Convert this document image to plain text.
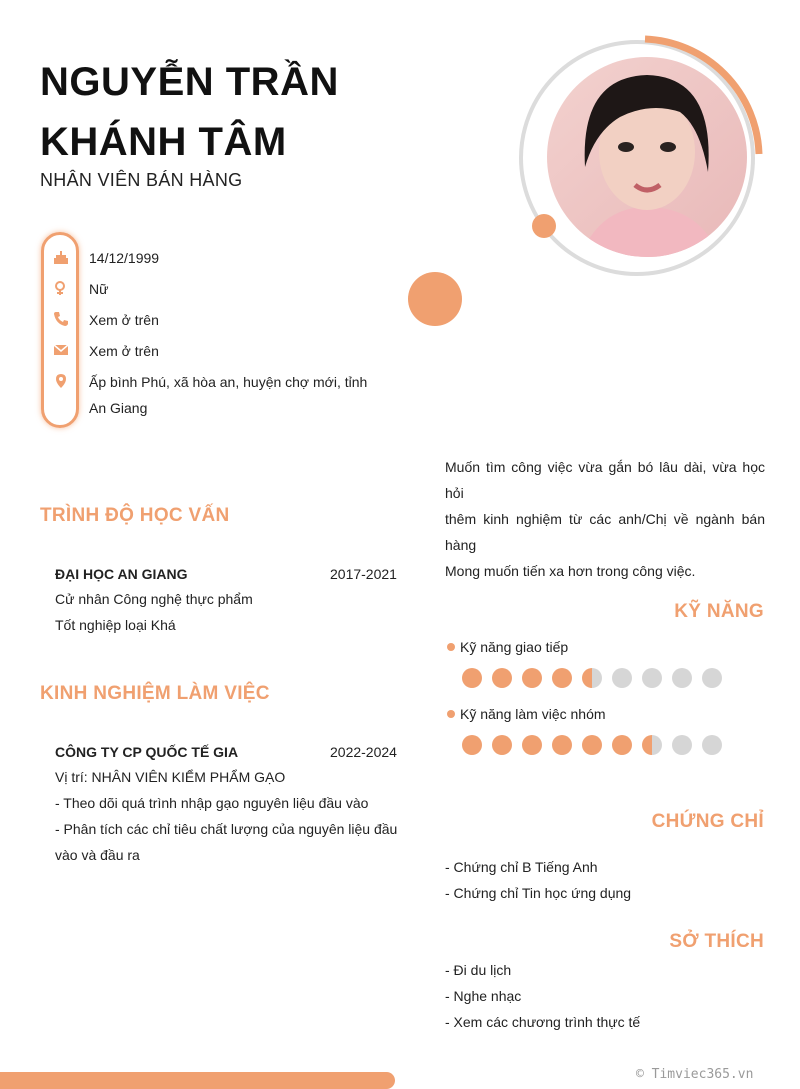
NGUYỄN TRẦN
KHÁNH TÂM
NHÂN VIÊN BÁN HÀNG
14/12/1999
Nữ
Xem ở trên
Xem ở trên
Ấp bình Phú, xã hòa an, huyện chợ mới, tỉnh
An Giang
Muốn tìm công việc vừa gắn bó lâu dài, vừa học hỏi
thêm kinh nghiệm từ các anh/Chị về ngành bán
hàng
Mong muốn tiến xa hơn trong công việc.
TRÌNH ĐỘ HỌC VẤN
ĐẠI HỌC AN GIANG	2017-2021
Cử nhân Công nghệ thực phẩm
Tốt nghiệp loại Khá
KINH NGHIỆM LÀM VIỆC
CÔNG TY CP QUỐC TẾ GIA	2022-2024
Vị trí: NHÂN VIÊN KIỂM PHẨM GẠO
- Theo dõi quá trình nhập gạo nguyên liệu đầu vào
- Phân tích các chỉ tiêu chất lượng của nguyên liệu đầu
vào và đầu ra
KỸ NĂNG
Kỹ năng giao tiếp
Kỹ năng làm việc nhóm
CHỨNG CHỈ
- Chứng chỉ B Tiếng Anh
- Chứng chỉ Tin học ứng dụng
SỞ THÍCH
- Đi du lịch
- Nghe nhạc
- Xem các chương trình thực tế
© Timviec365.vn
